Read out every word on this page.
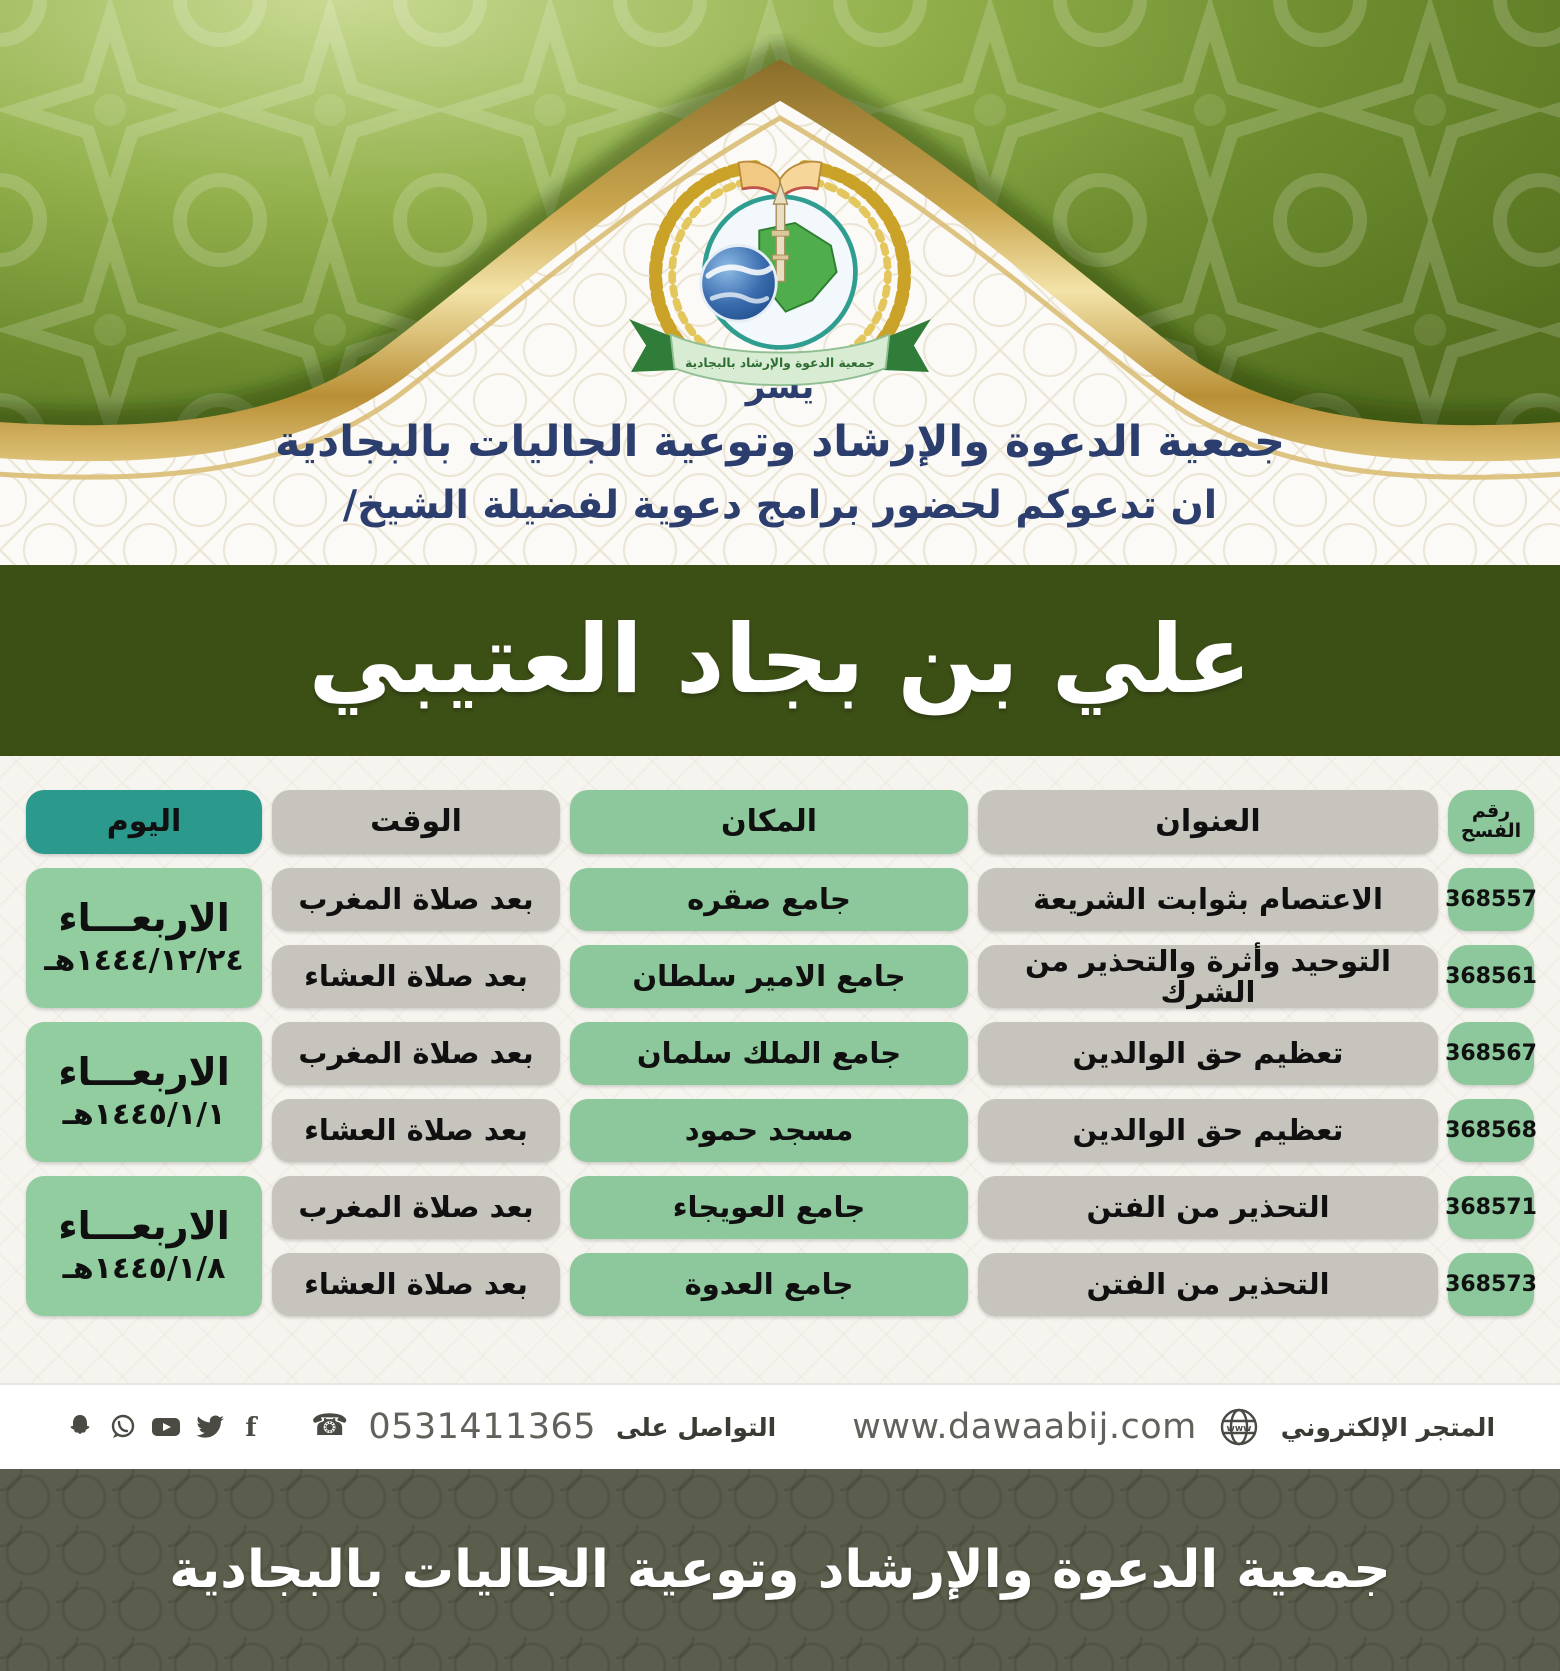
جمعية الدعوة والإرشاد بالبجادية
يسر
جمعية الدعوة والإرشاد وتوعية الجاليات بالبجادية
ان تدعوكم لحضور برامج دعوية لفضيلة الشيخ/
علي بن بجاد العتيبي
رقم الفسح
العنوان
المكان
الوقت
اليوم
368557
الاعتصام بثوابت الشريعة
جامع صقره
بعد صلاة المغرب
368561
التوحيد وأثرة والتحذير من الشرك
جامع الامير سلطان
بعد صلاة العشاء
الاربعـــاء
١٤٤٤/١٢/٢٤هـ
368567
تعظيم حق الوالدين
جامع الملك سلمان
بعد صلاة المغرب
368568
تعظيم حق الوالدين
مسجد حمود
بعد صلاة العشاء
الاربعـــاء
١٤٤٥/١/١هـ
368571
التحذير من الفتن
جامع العويجاء
بعد صلاة المغرب
368573
التحذير من الفتن
جامع العدوة
بعد صلاة العشاء
الاربعـــاء
١٤٤٥/١/٨هـ
المتجر الإلكتروني
www
www.dawaabij.com
التواصل على
0531411365
☎
f
جمعية الدعوة والإرشاد وتوعية الجاليات بالبجادية
